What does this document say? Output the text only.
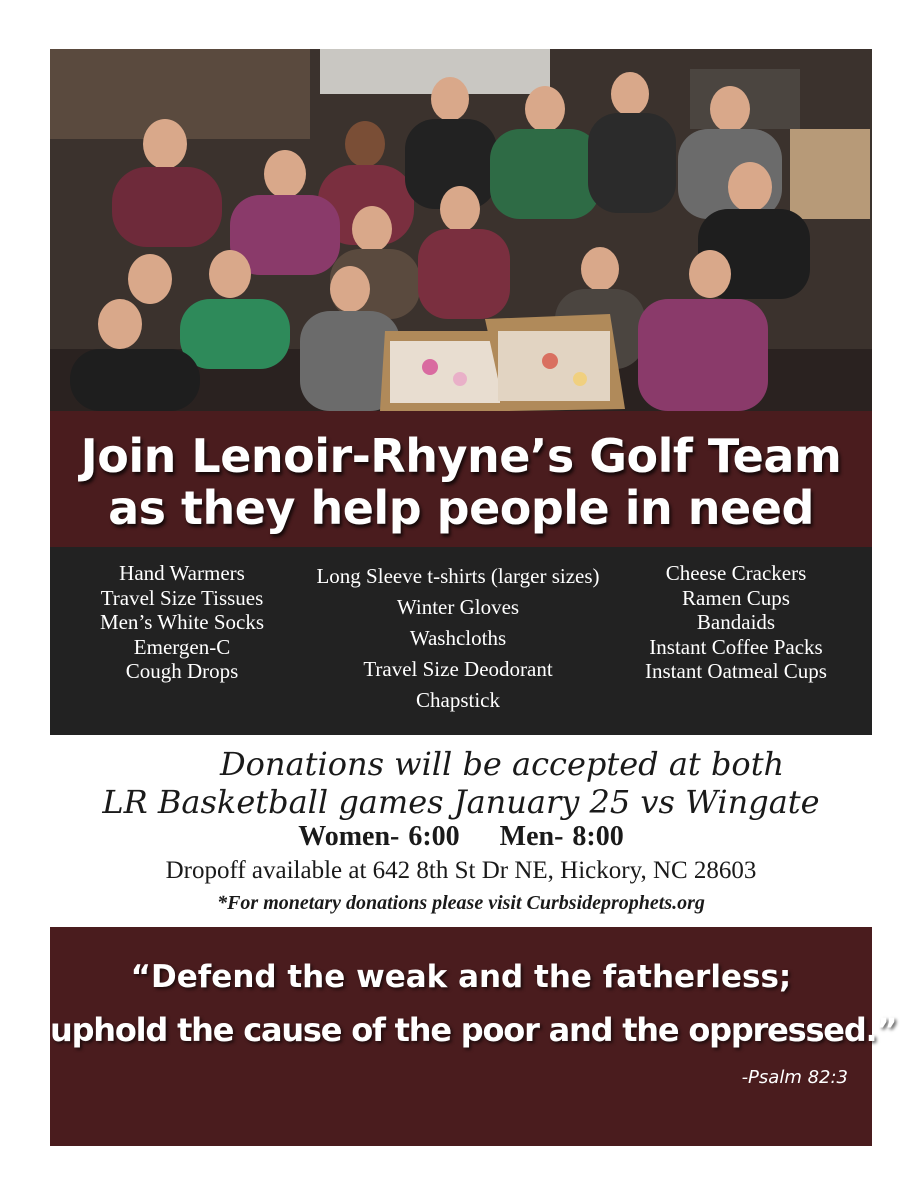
Join Lenoir-Rhyne’s Golf Team
as they help people in need
Hand Warmers
Travel Size Tissues
Men’s White Socks
Emergen-C
Cough Drops
Long Sleeve t-shirts (larger sizes)
Winter Gloves
Washcloths
Travel Size Deodorant
Chapstick
Cheese Crackers
Ramen Cups
Bandaids
Instant Coffee Packs
Instant Oatmeal Cups
Donations will be accepted at both
LR Basketball games January 25 vs Wingate
Women- 6:00 Men- 8:00
Dropoff available at 642 8th St Dr NE, Hickory, NC 28603
*For monetary donations please visit Curbsideprophets.org
“Defend the weak and the fatherless;
uphold the cause of the poor and the oppressed.”
-Psalm 82:3
